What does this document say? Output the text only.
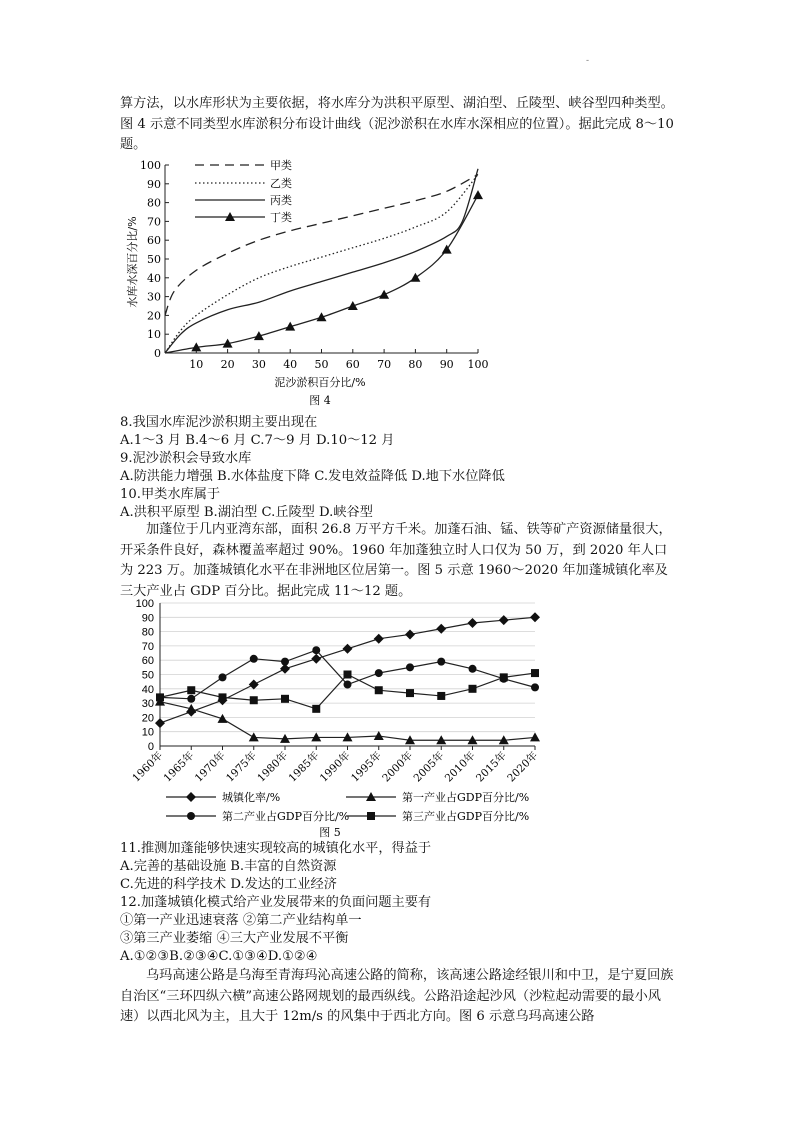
-

算方法，以水库形状为主要依据，将水库分为洪积平原型、湖泊型、丘陵型、峡谷型四种类型。图 4 示意不同类型水库淤积分布设计曲线（泥沙淤积在水库水深相应的位置）。据此完成 8～10 题。

0
10
20
30
40
50
60
70
80
90
100
10 20 30 40 50 60 70 80 90 100
甲类
乙类
丙类
丁类
水库水深百分比/%
泥沙淤积百分比/%
图 4

8.我国水库泥沙淤积期主要出现在

A.1～3 月 B.4～6 月 C.7～9 月 D.10～12 月

9.泥沙淤积会导致水库

A.防洪能力增强 B.水体盐度下降 C.发电效益降低 D.地下水位降低

10.甲类水库属于

A.洪积平原型 B.湖泊型 C.丘陵型 D.峡谷型

加蓬位于几内亚湾东部，面积 26.8 万平方千米。加蓬石油、锰、铁等矿产资源储量很大，开采条件良好，森林覆盖率超过 90%。1960 年加蓬独立时人口仅为 50 万，到 2020 年人口为 223 万。加蓬城镇化水平在非洲地区位居第一。图 5 示意 1960～2020 年加蓬城镇化率及三大产业占 GDP 百分比。据此完成 11～12 题。

0
10
20
30
40
50
60
70
80
90
100
1960年
1965年
1970年
1975年
1980年
1985年
1990年
1995年
2000年
2005年
2010年
2015年
2020年
城镇化率/%	第一产业占GDP百分比/%
第二产业占GDP百分比/%	第三产业占GDP百分比/%
图 5

11.推测加蓬能够快速实现较高的城镇化水平，得益于

A.完善的基础设施 B.丰富的自然资源

C.先进的科学技术 D.发达的工业经济

12.加蓬城镇化模式给产业发展带来的负面问题主要有

①第一产业迅速衰落 ②第二产业结构单一

③第三产业萎缩 ④三大产业发展不平衡

A.①②③B.②③④C.①③④D.①②④

乌玛高速公路是乌海至青海玛沁高速公路的简称，该高速公路途经银川和中卫，是宁夏回族自治区“三环四纵六横”高速公路网规划的最西纵线。公路沿途起沙风（沙粒起动需要的最小风速）以西北风为主，且大于 12m/s 的风集中于西北方向。图 6 示意乌玛高速公路
